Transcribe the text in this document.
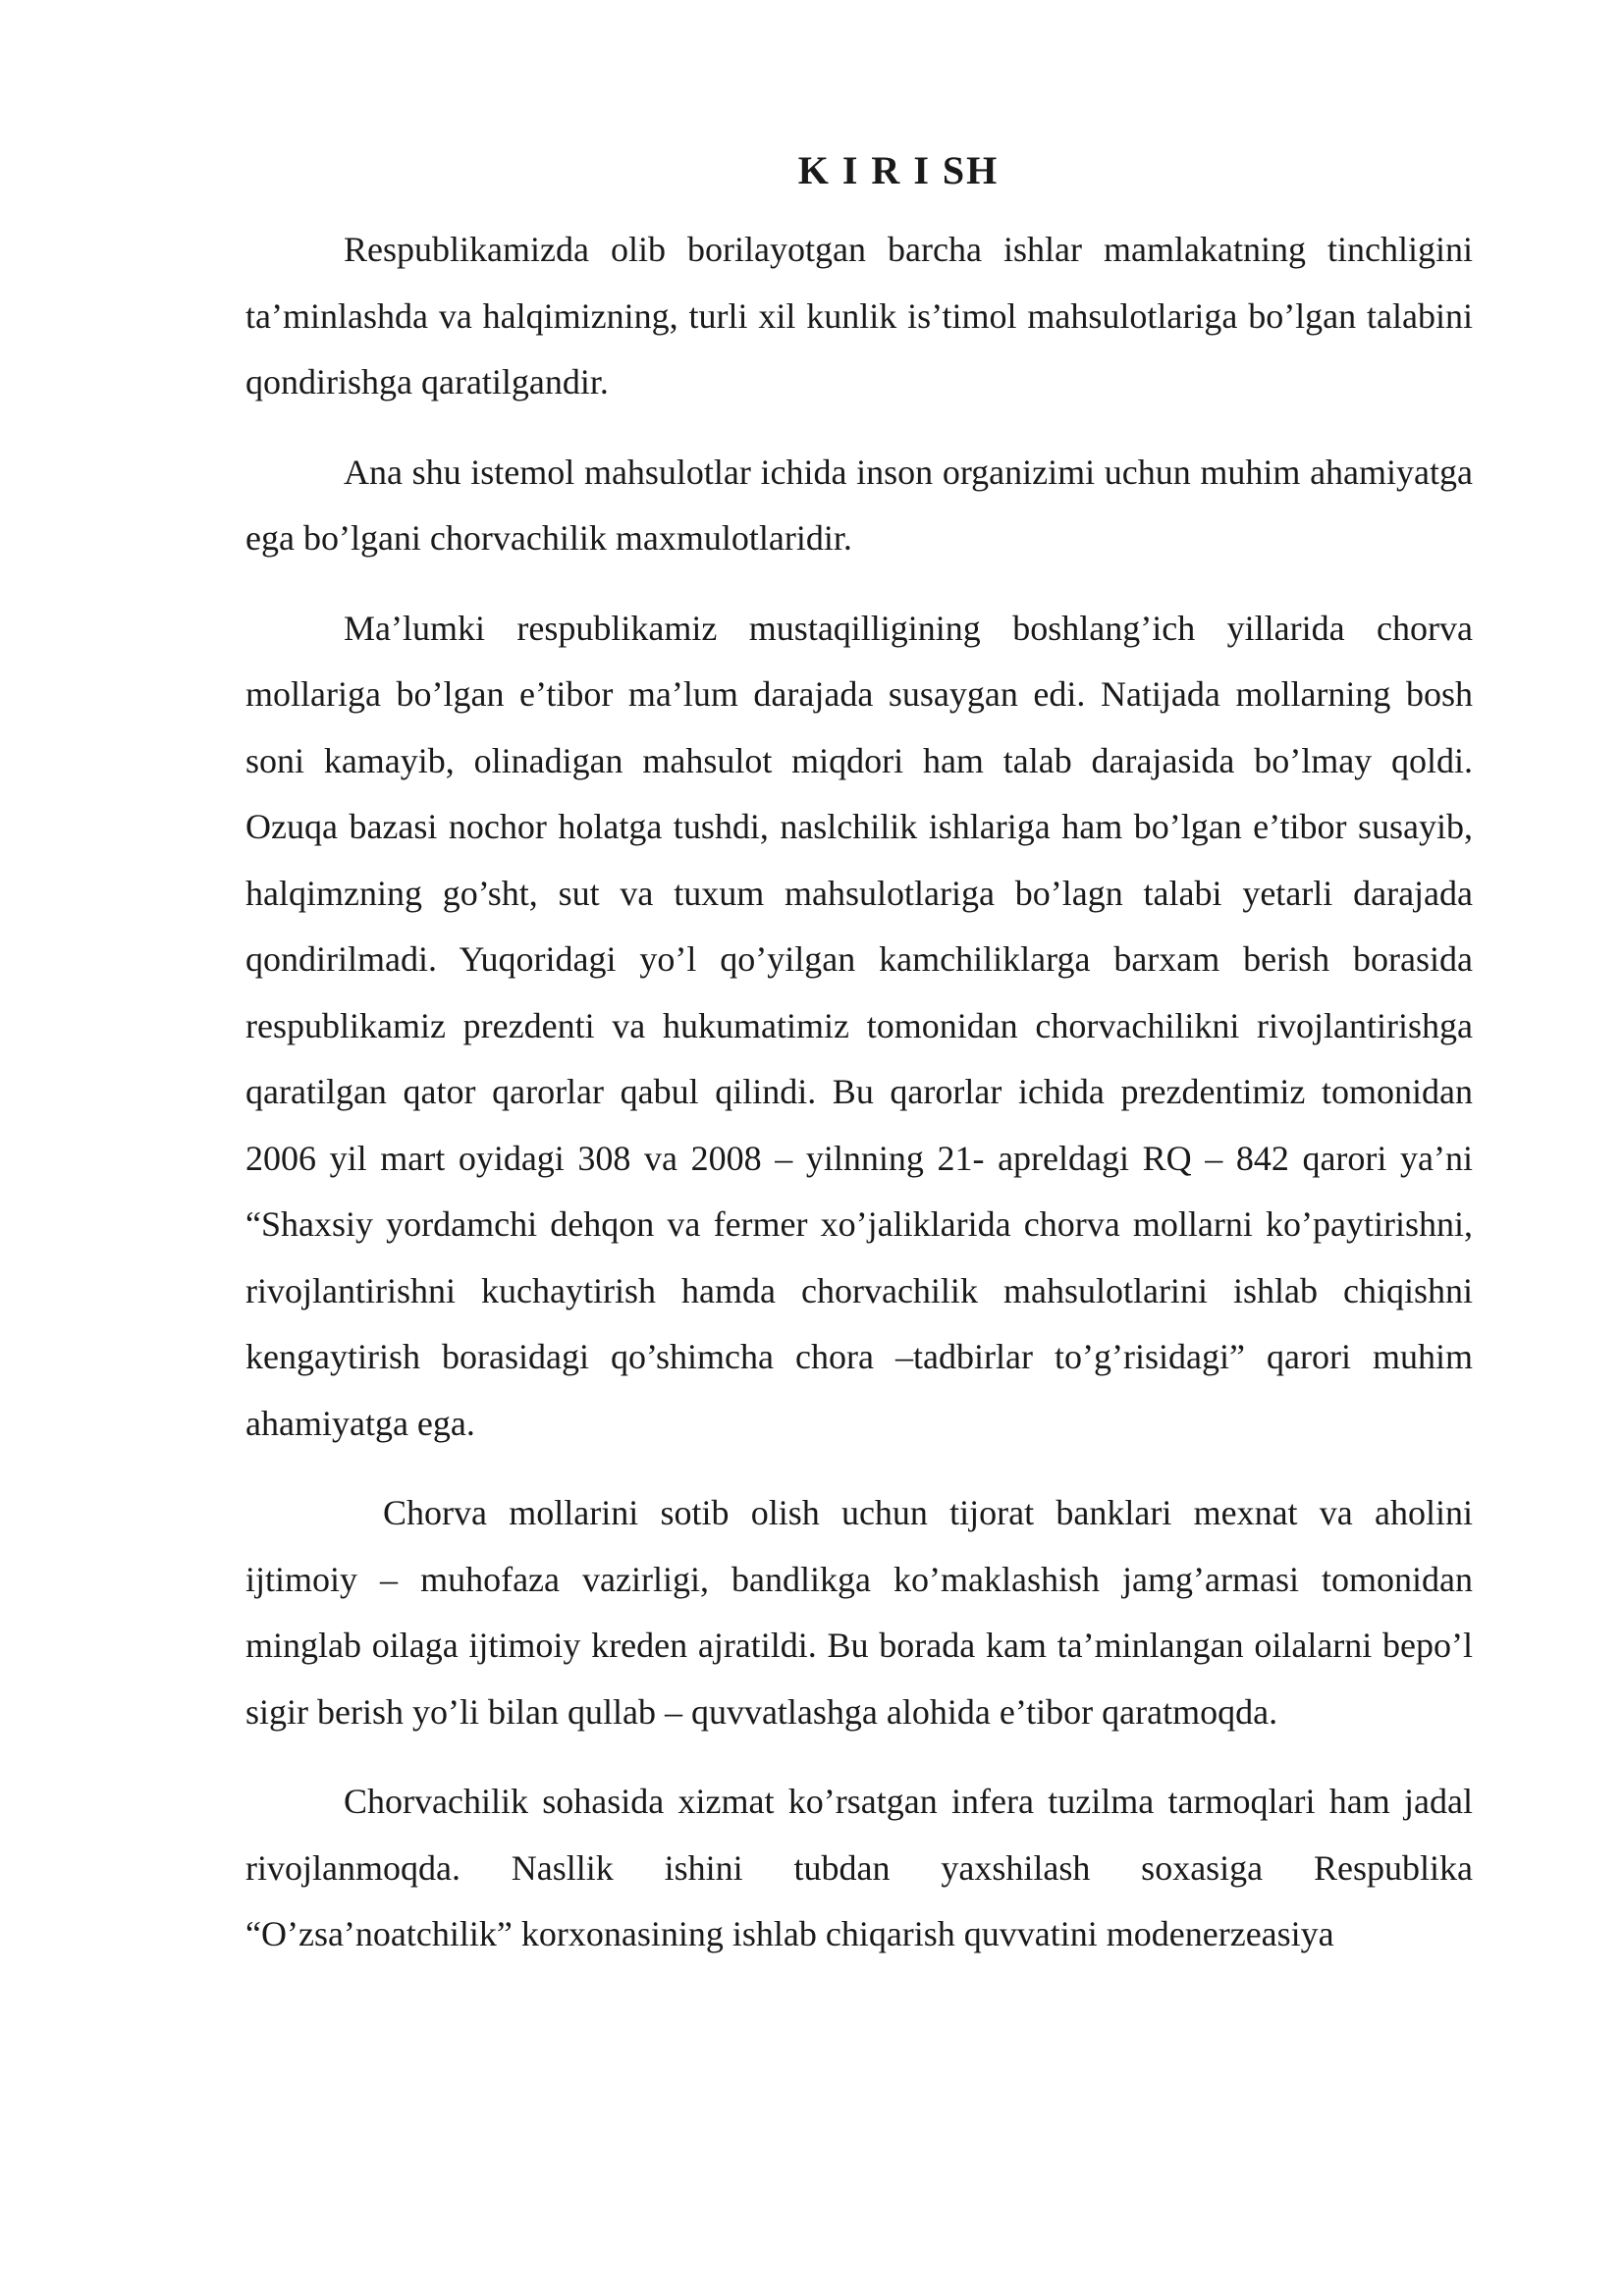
K I R I SH

Respublikamizda olib borilayotgan barcha ishlar mamlakatning tinchligini ta’minlashda va halqimizning, turli xil kunlik is’timol mahsulotlariga bo’lgan talabini qondirishga qaratilgandir.

Ana shu istemol mahsulotlar ichida inson organizimi uchun muhim ahamiyatga ega bo’lgani chorvachilik maxmulotlaridir.

Ma’lumki respublikamiz mustaqilligining boshlang’ich yillarida chorva mollariga bo’lgan e’tibor ma’lum darajada susaygan edi. Natijada mollarning bosh soni kamayib, olinadigan mahsulot miqdori ham talab darajasida bo’lmay qoldi. Ozuqa bazasi nochor holatga tushdi, naslchilik ishlariga ham bo’lgan e’tibor susayib, halqimzning go’sht, sut va tuxum mahsulotlariga bo’lagn talabi yetarli darajada qondirilmadi. Yuqoridagi yo’l qo’yilgan kamchiliklarga barxam berish borasida respublikamiz prezdenti va hukumatimiz tomonidan chorvachilikni rivojlantirishga qaratilgan qator qarorlar qabul qilindi. Bu qarorlar ichida prezdentimiz tomonidan 2006 yil mart oyidagi 308 va 2008 – yilnning 21- apreldagi RQ – 842 qarori ya’ni “Shaxsiy yordamchi dehqon va fermer xo’jaliklarida chorva mollarni ko’paytirishni, rivojlantirishni kuchaytirish hamda chorvachilik mahsulotlarini ishlab chiqishni kengaytirish borasidagi qo’shimcha chora –tadbirlar to’g’risidagi” qarori muhim ahamiyatga ega.

Chorva mollarini sotib olish uchun tijorat banklari mexnat va aholini ijtimoiy – muhofaza vazirligi, bandlikga ko’maklashish jamg’armasi tomonidan minglab oilaga ijtimoiy kreden ajratildi. Bu borada kam ta’minlangan oilalarni bepo’l sigir berish yo’li bilan qullab – quvvatlashga alohida e’tibor qaratmoqda.

Chorvachilik sohasida xizmat ko’rsatgan infera tuzilma tarmoqlari ham jadal rivojlanmoqda. Nasllik ishini tubdan yaxshilash soxasiga Respublika “O’zsa’noatchilik” korxonasining ishlab chiqarish quvvatini modenerzeasiya
